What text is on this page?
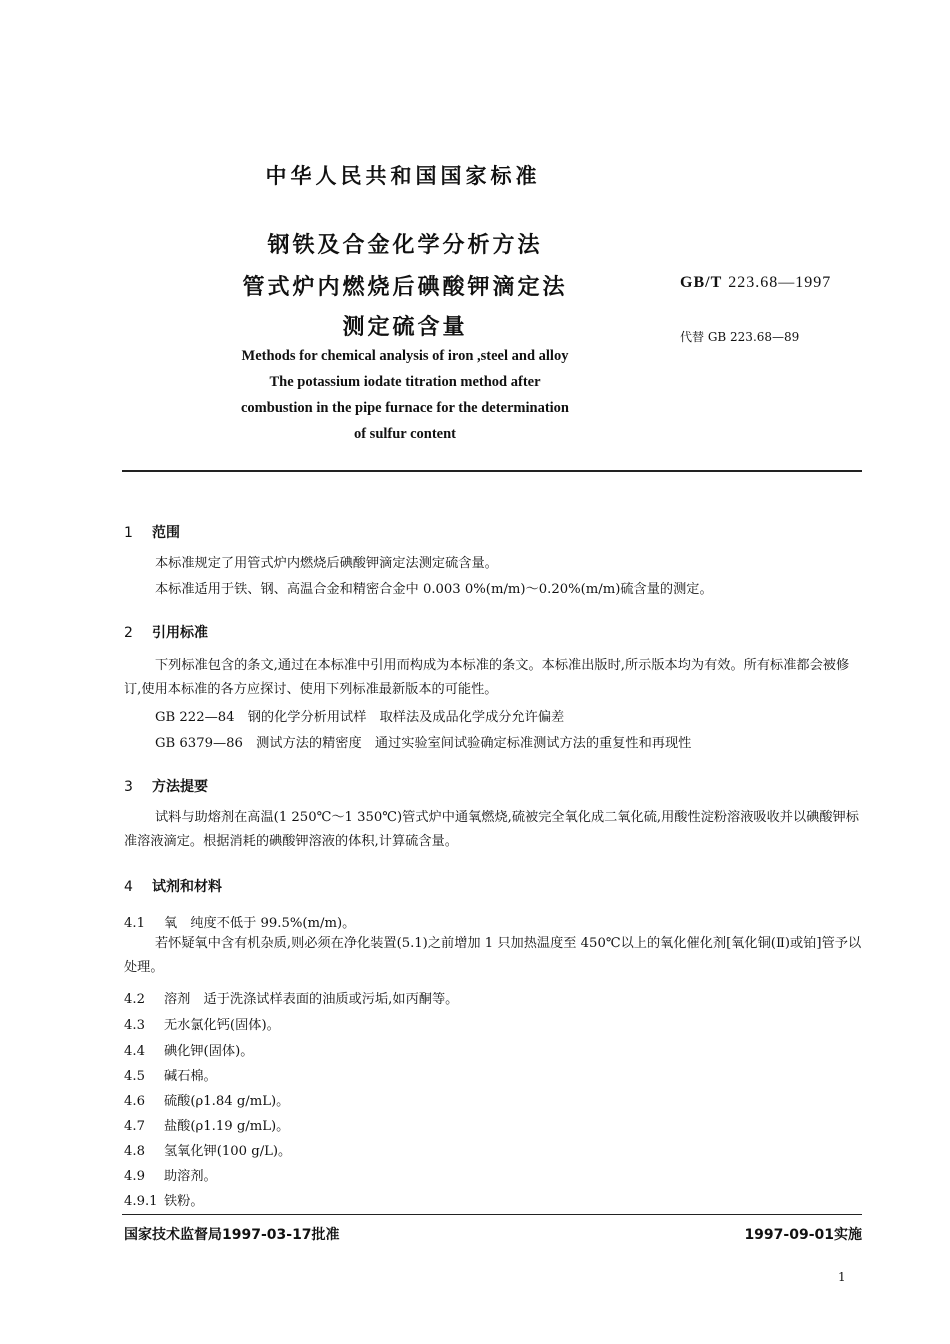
中华人民共和国国家标准
钢铁及合金化学分析方法
管式炉内燃烧后碘酸钾滴定法
测定硫含量
Methods for chemical analysis of iron ,steel and alloy
The potassium iodate titration method after
combustion in the pipe furnace for the determination
of sulfur content
GB/T 223.68—1997
代替 GB 223.68—89
1 范围
本标准规定了用管式炉内燃烧后碘酸钾滴定法测定硫含量。
本标准适用于铁、钢、高温合金和精密合金中 0.003 0%(m/m)～0.20%(m/m)硫含量的测定。
2 引用标准
下列标准包含的条文,通过在本标准中引用而构成为本标准的条文。本标准出版时,所示版本均为有效。所有标准都会被修订,使用本标准的各方应探讨、使用下列标准最新版本的可能性。
GB 222—84　钢的化学分析用试样　取样法及成品化学成分允许偏差
GB 6379—86　测试方法的精密度　通过实验室间试验确定标准测试方法的重复性和再现性
3 方法提要
试料与助熔剂在高温(1 250℃～1 350℃)管式炉中通氧燃烧,硫被完全氧化成二氧化硫,用酸性淀粉溶液吸收并以碘酸钾标准溶液滴定。根据消耗的碘酸钾溶液的体积,计算硫含量。
4 试剂和材料
4.1 氧　纯度不低于 99.5%(m/m)。
若怀疑氧中含有机杂质,则必须在净化装置(5.1)之前增加 1 只加热温度至 450℃以上的氧化催化剂[氧化铜(Ⅱ)或铂]管予以处理。
4.2 溶剂　适于洗涤试样表面的油质或污垢,如丙酮等。
4.3 无水氯化钙(固体)。
4.4 碘化钾(固体)。
4.5 碱石棉。
4.6 硫酸(ρ1.84 g/mL)。
4.7 盐酸(ρ1.19 g/mL)。
4.8 氢氧化钾(100 g/L)。
4.9 助溶剂。
4.9.1 铁粉。
国家技术监督局1997-03-17批准	1997-09-01实施
1
